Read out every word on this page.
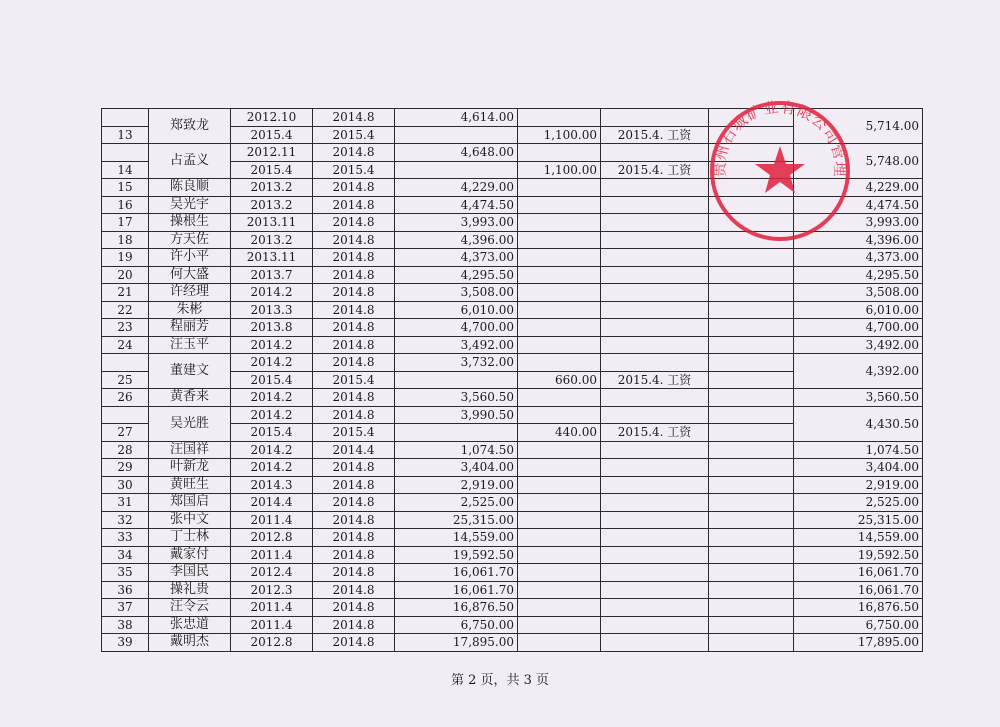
	郑致龙	2012.10	2014.8	4,614.00				5,714.00
13		2015.4	2015.4		1,100.00	2015.4. 工资		
	占孟义	2012.11	2014.8	4,648.00				5,748.00
14		2015.4	2015.4		1,100.00	2015.4. 工资		
15	陈良顺	2013.2	2014.8	4,229.00				4,229.00
16	吴光宇	2013.2	2014.8	4,474.50				4,474.50
17	操根生	2013.11	2014.8	3,993.00				3,993.00
18	方天佐	2013.2	2014.8	4,396.00				4,396.00
19	许小平	2013.11	2014.8	4,373.00				4,373.00
20	何大盛	2013.7	2014.8	4,295.50				4,295.50
21	许经理	2014.2	2014.8	3,508.00				3,508.00
22	朱彬	2013.3	2014.8	6,010.00				6,010.00
23	程丽芳	2013.8	2014.8	4,700.00				4,700.00
24	汪玉平	2014.2	2014.8	3,492.00				3,492.00
	董建文	2014.2	2014.8	3,732.00				4,392.00
25		2015.4	2015.4		660.00	2015.4. 工资		
26	黄香来	2014.2	2014.8	3,560.50				3,560.50
	吴光胜	2014.2	2014.8	3,990.50				4,430.50
27		2015.4	2015.4		440.00	2015.4. 工资		
28	汪国祥	2014.2	2014.4	1,074.50				1,074.50
29	叶新龙	2014.2	2014.8	3,404.00				3,404.00
30	黄旺生	2014.3	2014.8	2,919.00				2,919.00
31	郑国启	2014.4	2014.8	2,525.00				2,525.00
32	张中文	2011.4	2014.8	25,315.00				25,315.00
33	丁士林	2012.8	2014.8	14,559.00				14,559.00
34	戴家付	2011.4	2014.8	19,592.50				19,592.50
35	李国民	2012.4	2014.8	16,061.70				16,061.70
36	操礼贵	2012.3	2014.8	16,061.70				16,061.70
37	汪令云	2011.4	2014.8	16,876.50				16,876.50
38	张忠道	2011.4	2014.8	6,750.00				6,750.00
39	戴明杰	2012.8	2014.8	17,895.00				17,895.00
贵州石城矿业有限公司管理
第 2 页，共 3 页
